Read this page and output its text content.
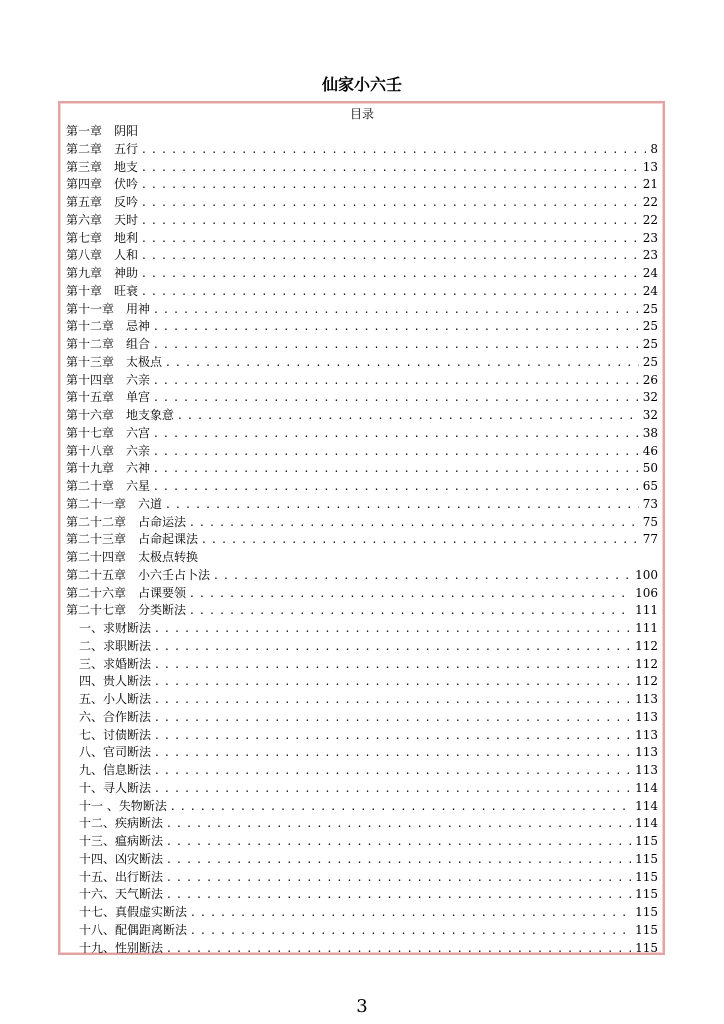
仙家小六壬
目录
第一章　阴阳
第二章　五行 . . .	8
第三章　地支 . . .	13
第四章　伏吟 . . .	21
第五章　反吟 . . .	22
第六章　天时 . . .	22
第七章　地利 . . .	23
第八章　人和 . . .	23
第九章　神助 . . .	24
第十章　旺衰 . . .	24
第十一章　用神 . . .	25
第十二章　忌神 . . .	25
第十二章　组合 . . .	25
第十三章　太极点 . . .	25
第十四章　六亲 . . .	26
第十五章　单宫 . . .	32
第十六章　地支象意 . . .	32
第十七章　六宫 . . .	38
第十八章　六亲 . . .	46
第十九章　六神 . . .	50
第二十章　六星 . . .	65
第二十一章　六道 . . .	73
第二十二章　占命运法 . . .	75
第二十三章　占命起课法 . . .	77
第二十四章　太极点转换
第二十五章　小六壬占卜法 . . .	100
第二十六章　占课要领 . . .	106
第二十七章　分类断法 . . .	111
一、求财断法 . . .	111
二、求职断法 . . .	112
三、求婚断法 . . .	112
四、贵人断法 . . .	112
五、小人断法 . . .	113
六、合作断法 . . .	113
七、讨债断法 . . .	113
八、官司断法 . . .	113
九、信息断法 . . .	113
十、寻人断法 . . .	114
十一 、失物断法 . . .	114
十二、疾病断法 . . .	114
十三、瘟病断法 . . .	115
十四、凶灾断法 . . .	115
十五、出行断法 . . .	115
十六、天气断法 . . .	115
十七、真假虚实断法 . . .	115
十八、配偶距离断法 . . .	115
十九、性别断法 . . .	115
3
